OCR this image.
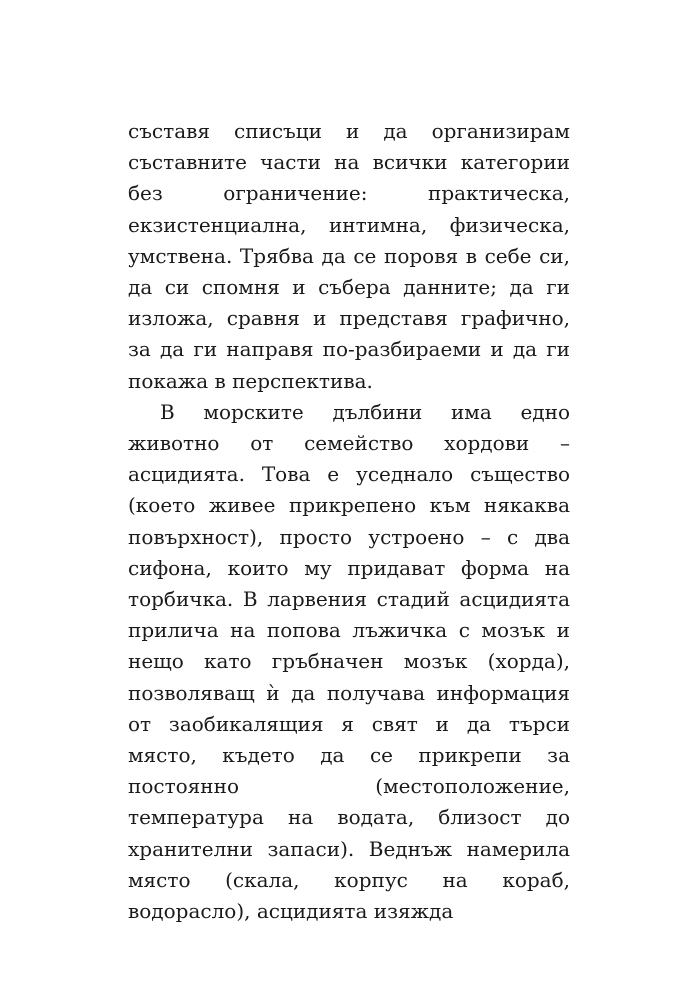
съставя списъци и да организирам съставните части на всички категории без ограничение: практическа, екзистенциална, интимна, физическа, умствена. Трябва да се поровя в себе си, да си спомня и събера данните; да ги изложа, сравня и представя графично, за да ги направя по-разбираеми и да ги покажа в перспектива.

В морските дълбини има едно животно от семейство хордови – асцидията. Това е уседнало същество (което живее прикрепено към някаква повърхност), просто устроено – с два сифона, които му придават форма на торбичка. В ларвения стадий асцидията прилича на попова лъжичка с мозък и нещо като гръбначен мозък (хорда), позволяващ ѝ да получава информация от заобикалящия я свят и да търси място, където да се прикрепи за постоянно (местоположение, температура на водата, близост до хранителни запаси). Веднъж намерила място (скала, корпус на кораб, водорасло), асцидията изяжда
